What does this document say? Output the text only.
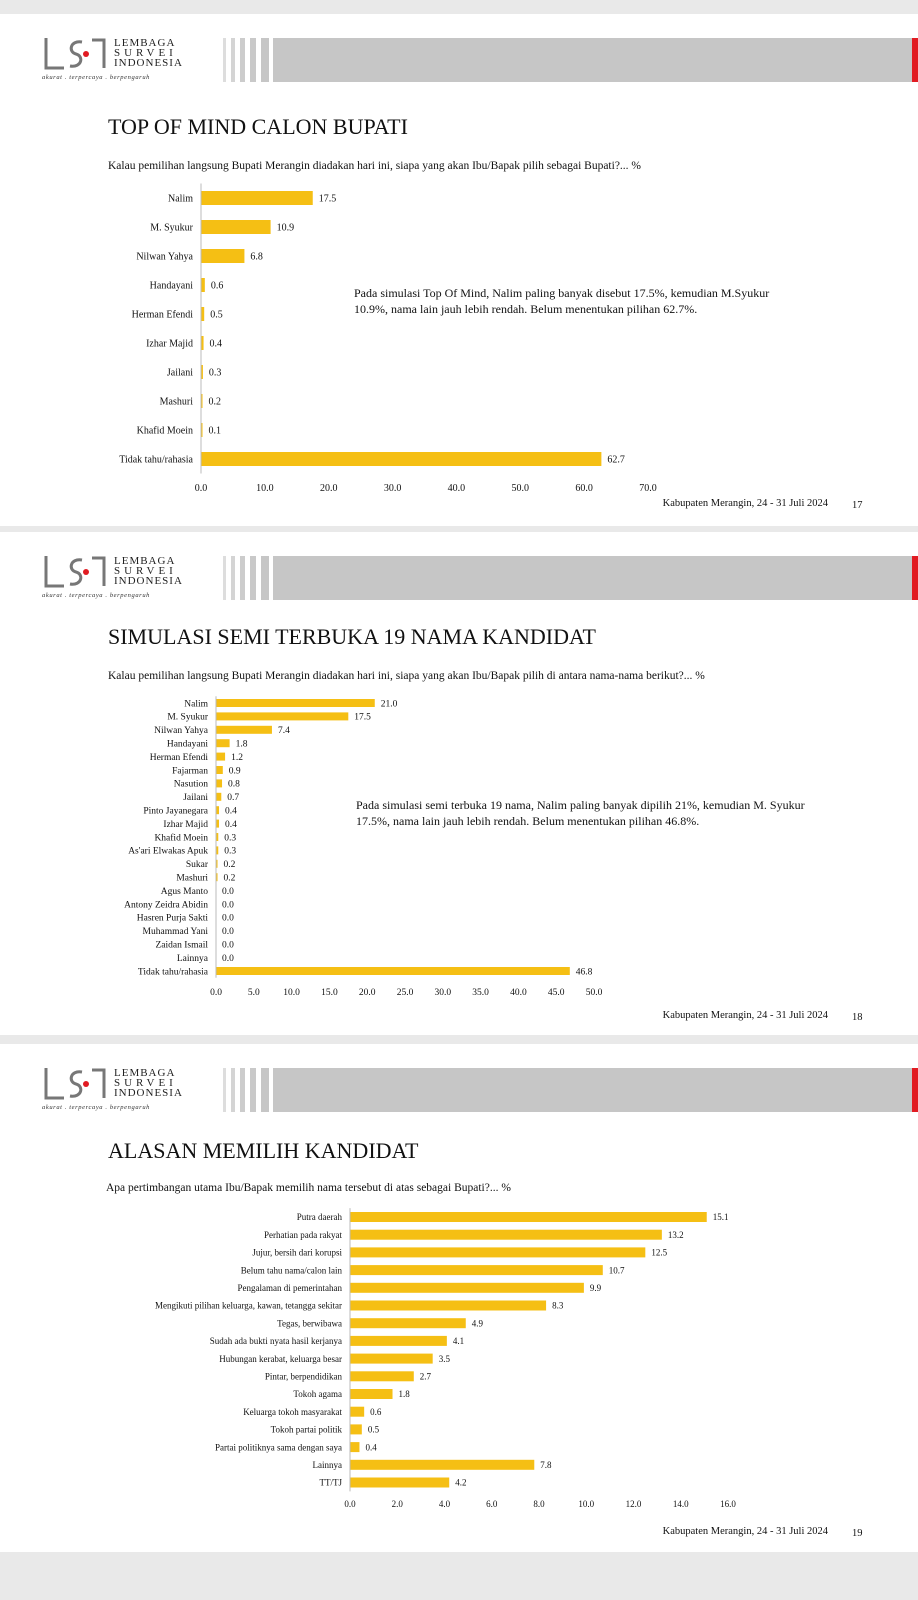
LEMBAGA
SURVEI
INDONESIA
akurat . terpercaya . berpengaruh
TOP OF MIND CALON BUPATI
Kalau pemilihan langsung Bupati Merangin diadakan hari ini, siapa yang akan Ibu/Bapak pilih sebagai Bupati?... %
Nalim	17.5
M. Syukur	10.9
Nilwan Yahya	6.8
Handayani 0.6
Herman Efendi 0.5
Izhar Majid 0.4
Jailani 0.3
Mashuri 0.2
Khafid Moein 0.1
Tidak tahu/rahasia	62.7
0.0	10.0	20.0	30.0	40.0	50.0	60.0	70.0
Pada simulasi Top Of Mind, Nalim paling banyak disebut 17.5%, kemudian M.Syukur 10.9%, nama lain jauh lebih rendah. Belum menentukan pilihan 62.7%.
Kabupaten Merangin, 24 - 31 Juli 2024 17
LEMBAGA
SURVEI
INDONESIA
akurat . terpercaya . berpengaruh
SIMULASI SEMI TERBUKA 19 NAMA KANDIDAT
Kalau pemilihan langsung Bupati Merangin diadakan hari ini, siapa yang akan Ibu/Bapak pilih di antara nama-nama berikut?... %
Nalim	21.0
M. Syukur	17.5
Nilwan Yahya	7.4
Handayani	1.8
Herman Efendi 1.2
Fajarman 0.9
Nasution 0.8
Jailani 0.7
Pinto Jayanegara 0.4
Izhar Majid 0.4
Khafid Moein 0.3
As'ari Elwakas Apuk 0.3
Sukar 0.2
Mashuri 0.2
Agus Manto 0.0
Antony Zeidra Abidin 0.0
Hasren Purja Sakti 0.0
Muhammad Yani 0.0
Zaidan Ismail 0.0
Lainnya 0.0
Tidak tahu/rahasia	46.8
0.0	5.0 10.0 15.0 20.0 25.0 30.0 35.0 40.0 45.0 50.0
Pada simulasi semi terbuka 19 nama, Nalim paling banyak dipilih 21%, kemudian M. Syukur 17.5%, nama lain jauh lebih rendah. Belum menentukan pilihan 46.8%.
Kabupaten Merangin, 24 - 31 Juli 2024 18
LEMBAGA
SURVEI
INDONESIA
akurat . terpercaya . berpengaruh
ALASAN MEMILIH KANDIDAT
Apa pertimbangan utama Ibu/Bapak memilih nama tersebut di atas sebagai Bupati?... %
Putra daerah	15.1
Perhatian pada rakyat	13.2
Jujur, bersih dari korupsi	12.5
Belum tahu nama/calon lain	10.7
Pengalaman di pemerintahan	9.9
Mengikuti pilihan keluarga, kawan, tetangga sekitar	8.3
Tegas, berwibawa	4.9
Sudah ada bukti nyata hasil kerjanya	4.1
Hubungan kerabat, keluarga besar	3.5
Pintar, berpendidikan	2.7
Tokoh agama	1.8
Keluarga tokoh masyarakat	0.6
Tokoh partai politik	0.5
Partai politiknya sama dengan saya	0.4
Lainnya	7.8
TT/TJ	4.2
0.0	2.0	4.0	6.0	8.0	10.0	12.0	14.0	16.0
Kabupaten Merangin, 24 - 31 Juli 2024 19
